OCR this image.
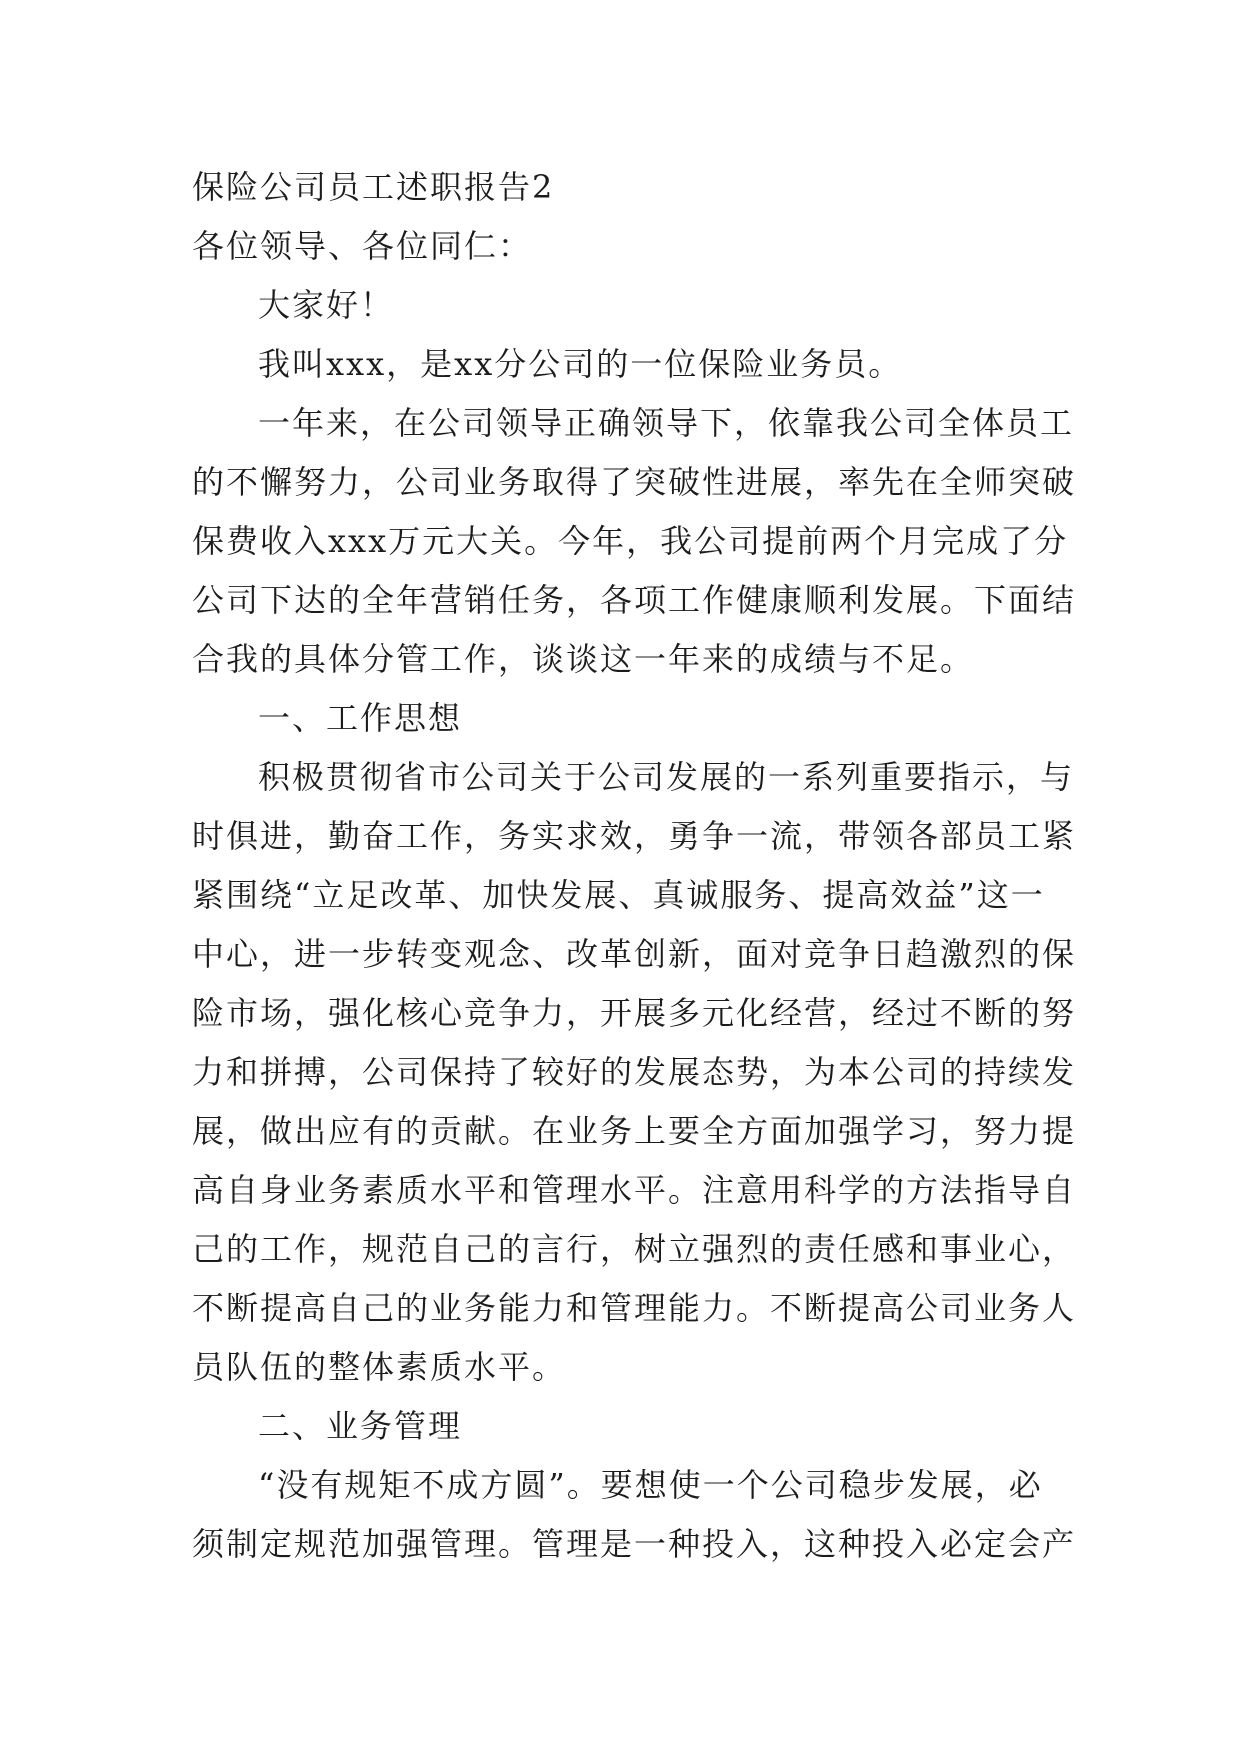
保险公司员工述职报告2
各位领导、各位同仁：
大家好！
我叫xxx，是xx分公司的一位保险业务员。
一年来，在公司领导正确领导下，依靠我公司全体员工
的不懈努力，公司业务取得了突破性进展，率先在全师突破
保费收入xxx万元大关。今年，我公司提前两个月完成了分
公司下达的全年营销任务，各项工作健康顺利发展。下面结
合我的具体分管工作，谈谈这一年来的成绩与不足。
一、工作思想
积极贯彻省市公司关于公司发展的一系列重要指示，与
时俱进，勤奋工作，务实求效，勇争一流，带领各部员工紧
紧围绕“立足改革、加快发展、真诚服务、提高效益”这一
中心，进一步转变观念、改革创新，面对竞争日趋激烈的保
险市场，强化核心竞争力，开展多元化经营，经过不断的努
力和拼搏，公司保持了较好的发展态势，为本公司的持续发
展，做出应有的贡献。在业务上要全方面加强学习，努力提
高自身业务素质水平和管理水平。注意用科学的方法指导自
己的工作，规范自己的言行，树立强烈的责任感和事业心，
不断提高自己的业务能力和管理能力。不断提高公司业务人
员队伍的整体素质水平。
二、业务管理
“没有规矩不成方圆”。要想使一个公司稳步发展，必
须制定规范加强管理。管理是一种投入，这种投入必定会产
